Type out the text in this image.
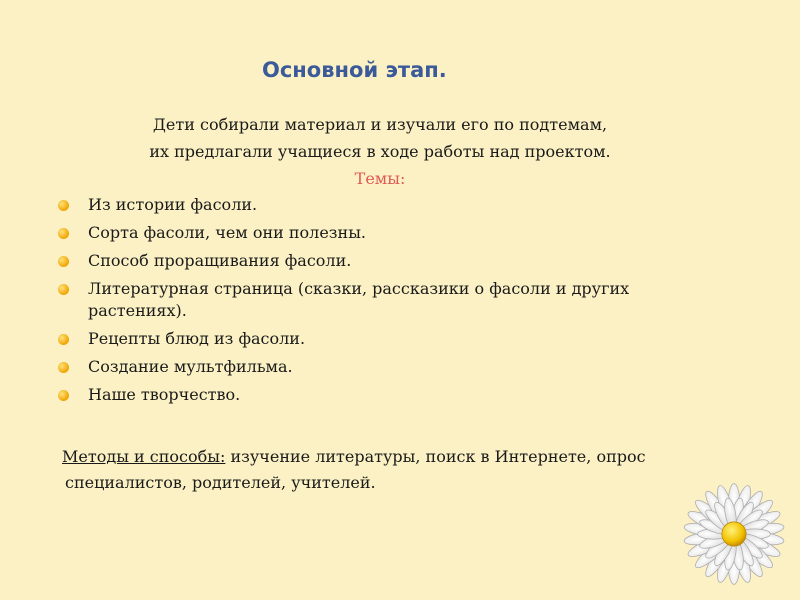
Основной этап.
Дети собирали материал и изучали его по подтемам,
их предлагали учащиеся в ходе работы над проектом.
Темы:
Из истории фасоли.
Сорта фасоли, чем они полезны.
Способ проращивания фасоли.
Литературная страница (сказки, рассказики о фасоли и других растениях).
Рецепты блюд из фасоли.
Создание мультфильма.
Наше творчество.
Методы и способы: изучение литературы, поиск в Интернете, опрос
специалистов, родителей, учителей.
